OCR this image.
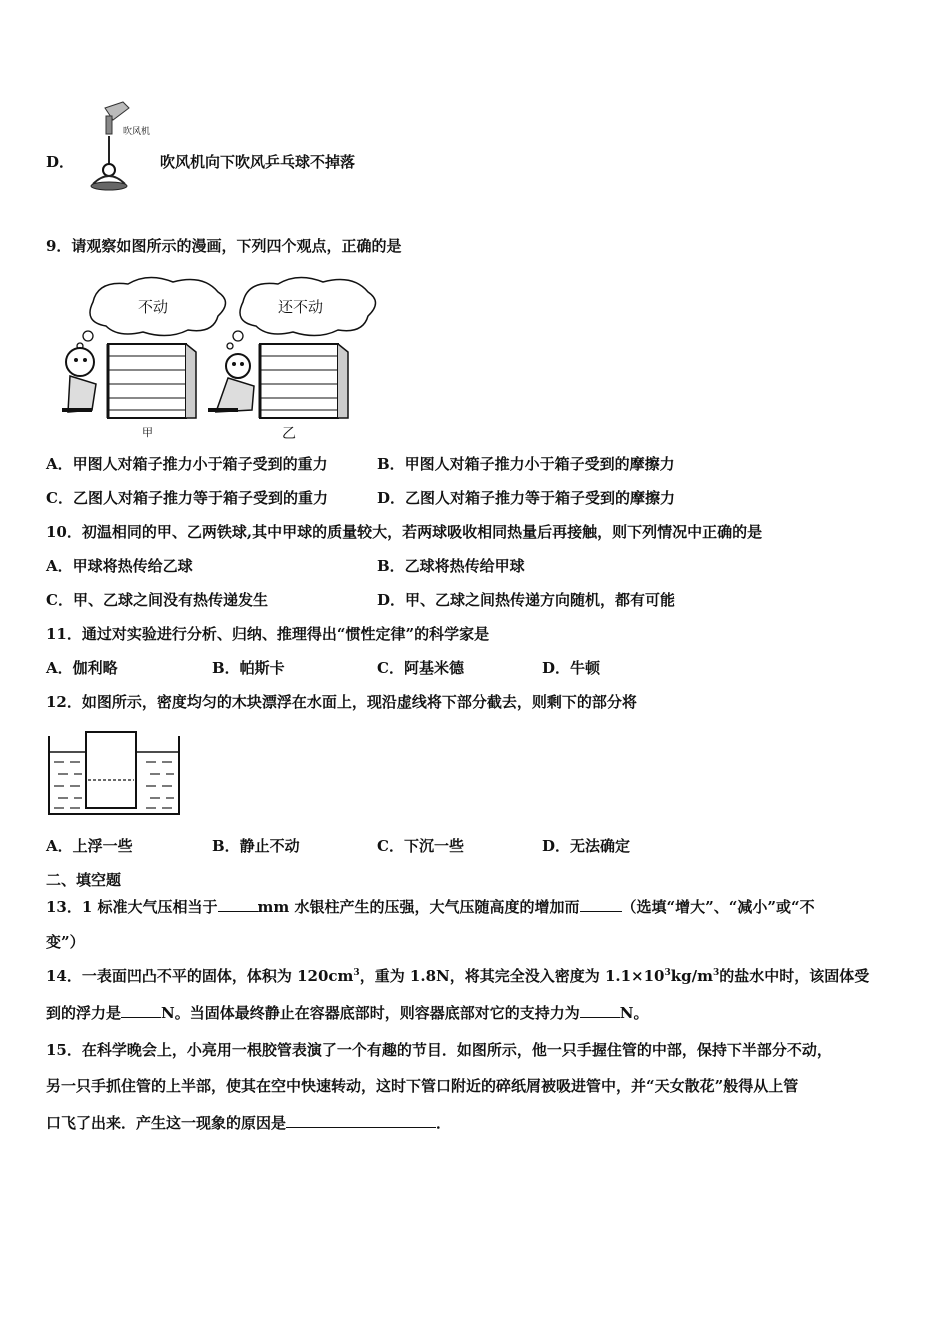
吹风机
D．	吹风机向下吹风乒乓球不掉落
9．请观察如图所示的漫画，下列四个观点，正确的是
不动	还不动
甲	乙
A．甲图人对箱子推力小于箱子受到的重力	B．甲图人对箱子推力小于箱子受到的摩擦力
C．乙图人对箱子推力等于箱子受到的重力	D．乙图人对箱子推力等于箱子受到的摩擦力
10．初温相同的甲、乙两铁球,其中甲球的质量较大，若两球吸收相同热量后再接触，则下列情况中正确的是
A．甲球将热传给乙球	B．乙球将热传给甲球
C．甲、乙球之间没有热传递发生	D．甲、乙球之间热传递方向随机，都有可能
11．通过对实验进行分析、归纳、推理得出“惯性定律”的科学家是
A．伽利略	B．帕斯卡	C．阿基米德	D．牛顿
12．如图所示，密度均匀的木块漂浮在水面上，现沿虚线将下部分截去，则剩下的部分将
A．上浮一些	B．静止不动	C．下沉一些	D．无法确定
二、填空题
13．1 标准大气压相当于	mm 水银柱产生的压强，大气压随高度的增加而	（选填“增大”、“减小”或“不
变”）
14．一表面凹凸不平的固体，体积为 $120cm^3$，重为 1.8N，将其完全没入密度为 $1.1\times 10^3kg/m^3$的盐水中时，该固体受
到的浮力是	N。当固体最终静止在容器底部时，则容器底部对它的支持力为	N。
15．在科学晚会上，小亮用一根胶管表演了一个有趣的节目．如图所示，他一只手握住管的中部，保持下半部分不动，
另一只手抓住管的上半部，使其在空中快速转动，这时下管口附近的碎纸屑被吸进管中，并“天女散花”般得从上管
口飞了出来．产生这一现象的原因是	．
